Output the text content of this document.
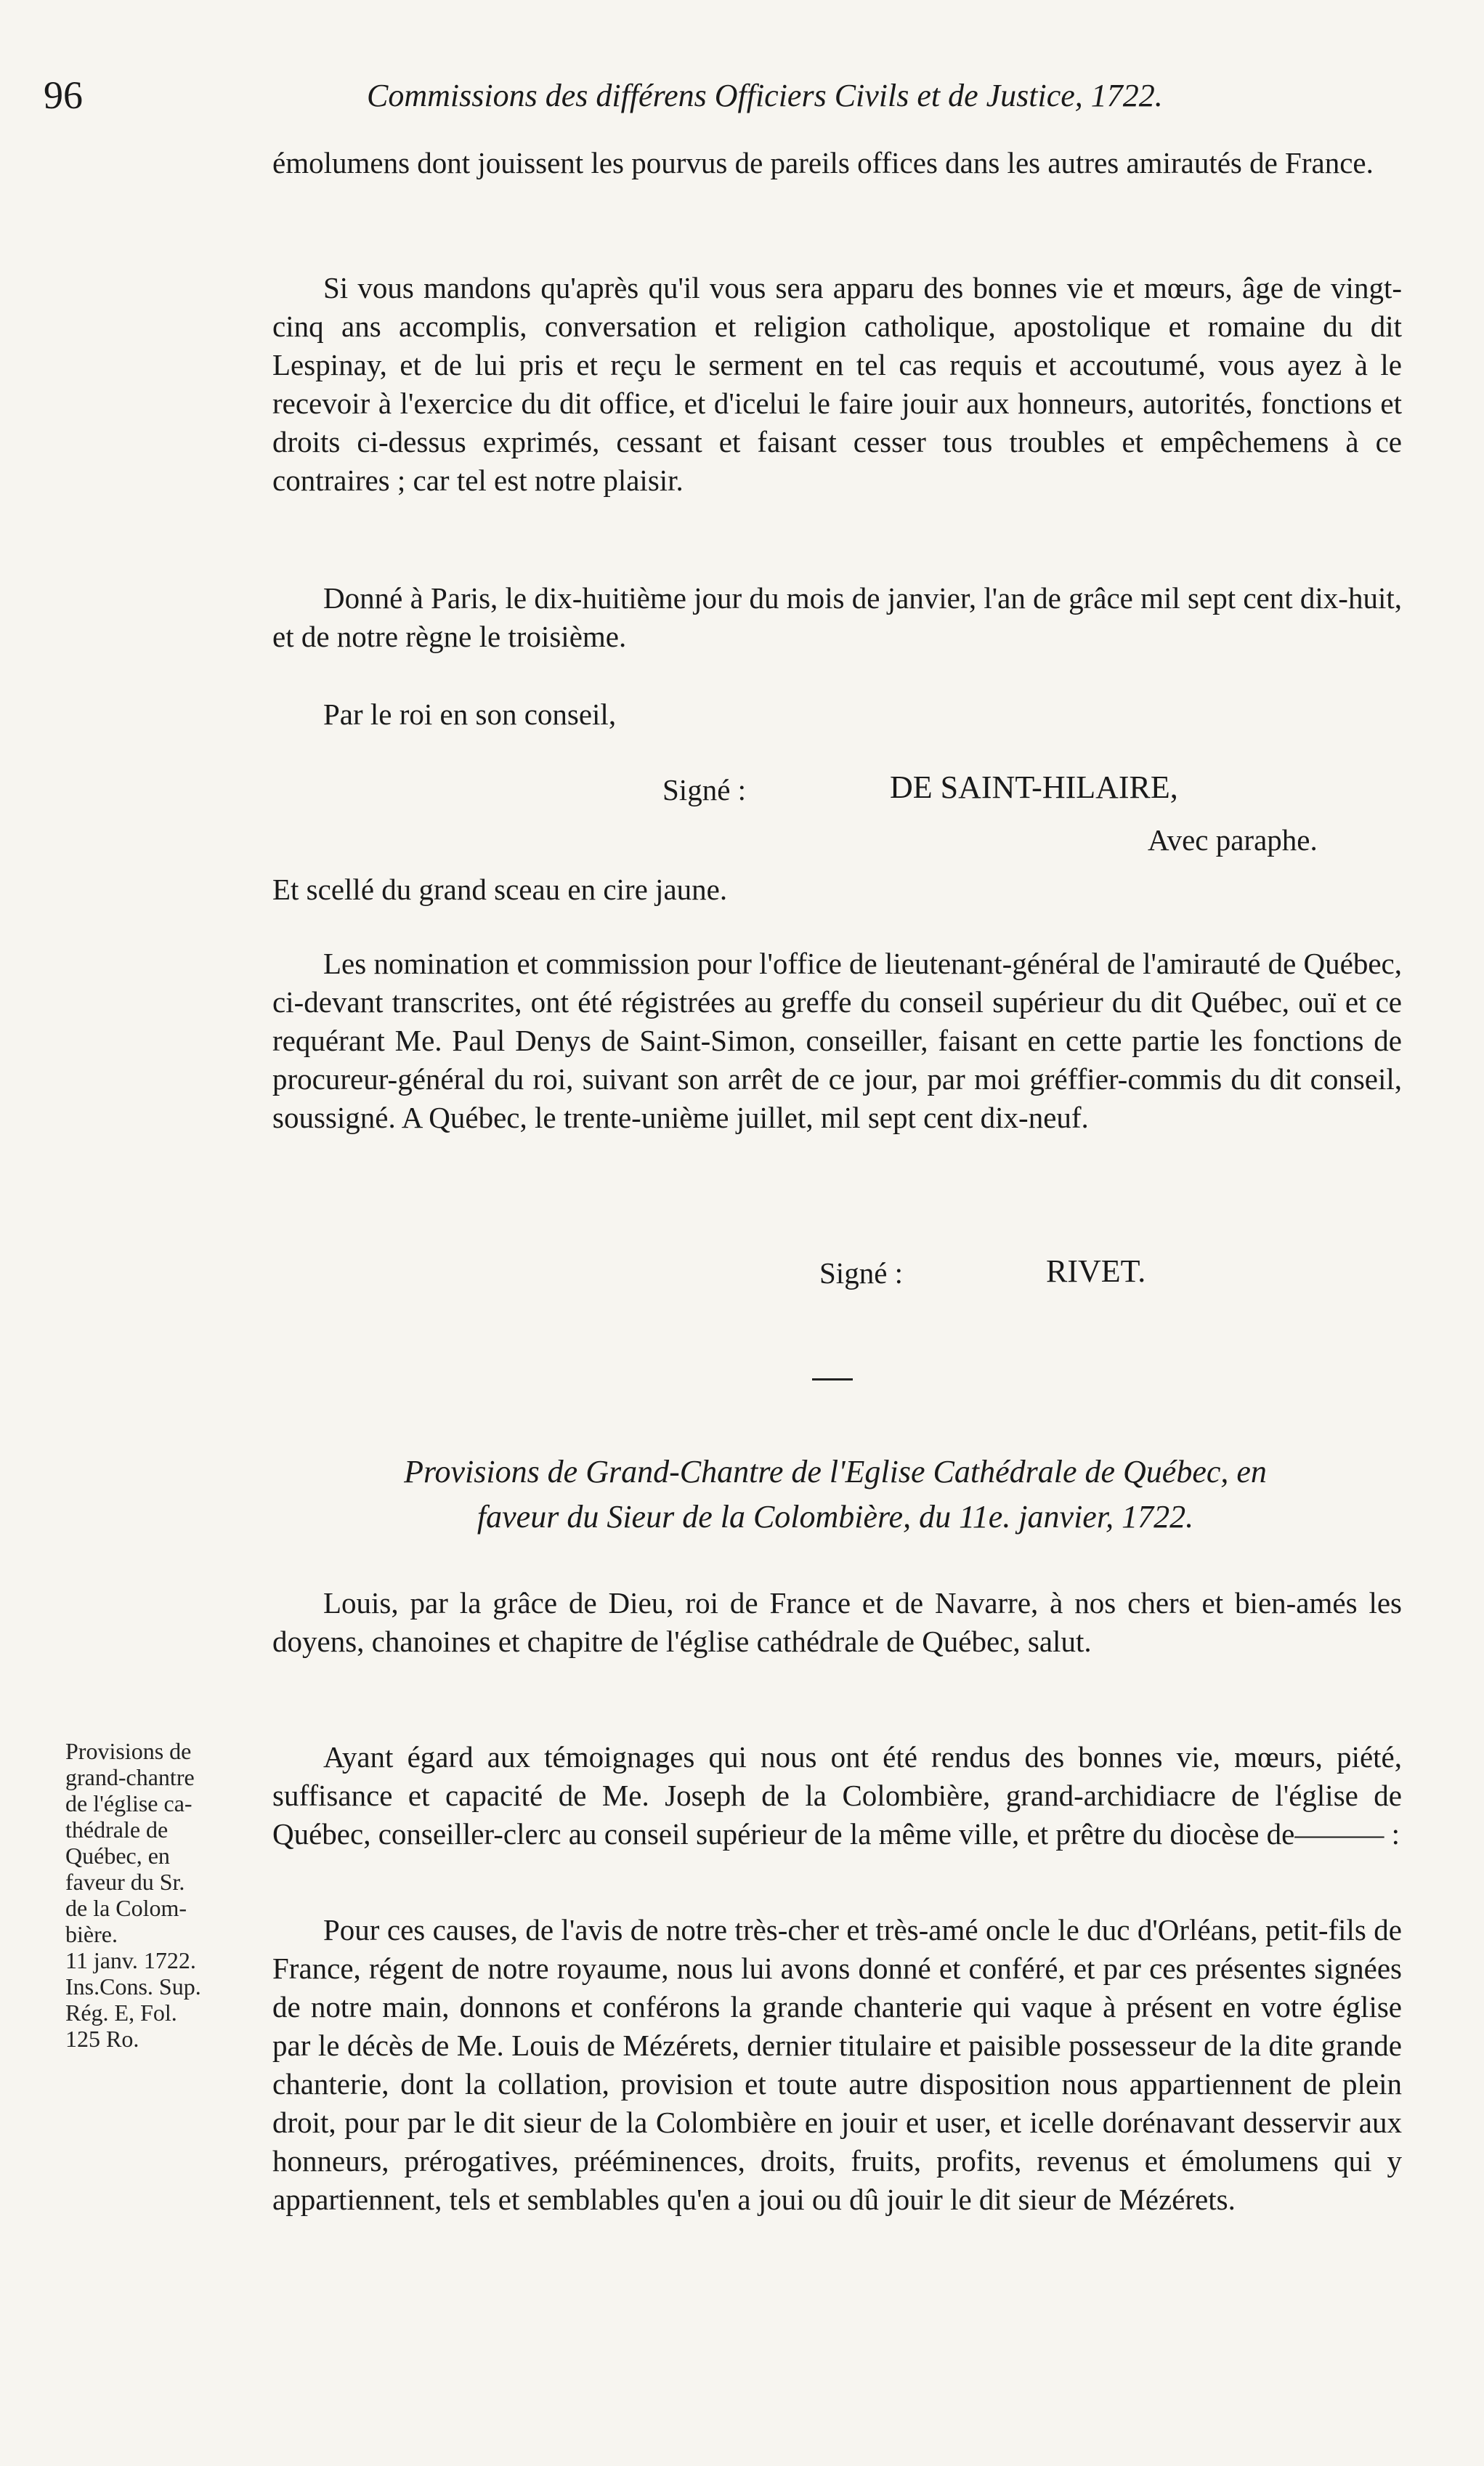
96	Commissions des différens Officiers Civils et de Justice, 1722.

émolumens dont jouissent les pourvus de pareils offices dans les autres amirautés de France.

Si vous mandons qu'après qu'il vous sera apparu des bonnes vie et mœurs, âge de vingt-cinq ans accomplis, conversation et religion catholique, apostolique et romaine du dit Lespinay, et de lui pris et reçu le serment en tel cas requis et accoutumé, vous ayez à le recevoir à l'exercice du dit office, et d'icelui le faire jouir aux honneurs, autorités, fonctions et droits ci-dessus exprimés, cessant et faisant cesser tous troubles et empêchemens à ce contraires ; car tel est notre plaisir.

Donné à Paris, le dix-huitième jour du mois de janvier, l'an de grâce mil sept cent dix-huit, et de notre règne le troisième.

Par le roi en son conseil,

Signé :	DE SAINT-HILAIRE,
Avec paraphe.

Et scellé du grand sceau en cire jaune.

Les nomination et commission pour l'office de lieutenant-général de l'amirauté de Québec, ci-devant transcrites, ont été régistrées au greffe du conseil supérieur du dit Québec, ouï et ce requérant Me. Paul Denys de Saint-Simon, conseiller, faisant en cette partie les fonctions de procureur-général du roi, suivant son arrêt de ce jour, par moi gréffier-commis du dit conseil, soussigné. A Québec, le trente-unième juillet, mil sept cent dix-neuf.

Signé :	RIVET.
Provisions de Grand-Chantre de l'Eglise Cathédrale de Québec, en
faveur du Sieur de la Colombière, du 11e. janvier, 1722.

Louis, par la grâce de Dieu, roi de France et de Navarre, à nos chers et bien-amés les doyens, chanoines et chapitre de l'église cathédrale de Québec, salut.

Ayant égard aux témoignages qui nous ont été rendus des bonnes vie, mœurs, piété, suffisance et capacité de Me. Joseph de la Colombière, grand-archidiacre de l'église de Québec, conseiller-clerc au conseil supérieur de la même ville, et prêtre du diocèse de——— :

Pour ces causes, de l'avis de notre très-cher et très-amé oncle le duc d'Orléans, petit-fils de France, régent de notre royaume, nous lui avons donné et conféré, et par ces présentes signées de notre main, donnons et conférons la grande chanterie qui vaque à présent en votre église par le décès de Me. Louis de Mézérets, dernier titulaire et paisible possesseur de la dite grande chanterie, dont la collation, provision et toute autre disposition nous appartiennent de plein droit, pour par le dit sieur de la Colombière en jouir et user, et icelle dorénavant desservir aux honneurs, prérogatives, prééminences, droits, fruits, profits, revenus et émolumens qui y appartiennent, tels et semblables qu'en a joui ou dû jouir le dit sieur de Mézérets.

Provisions de
grand-chantre
de l'église ca-
thédrale de
Québec, en
faveur du Sr.
de la Colom-
bière.
11 janv. 1722.
Ins.Cons. Sup.
Rég. E, Fol.
125 Ro.
